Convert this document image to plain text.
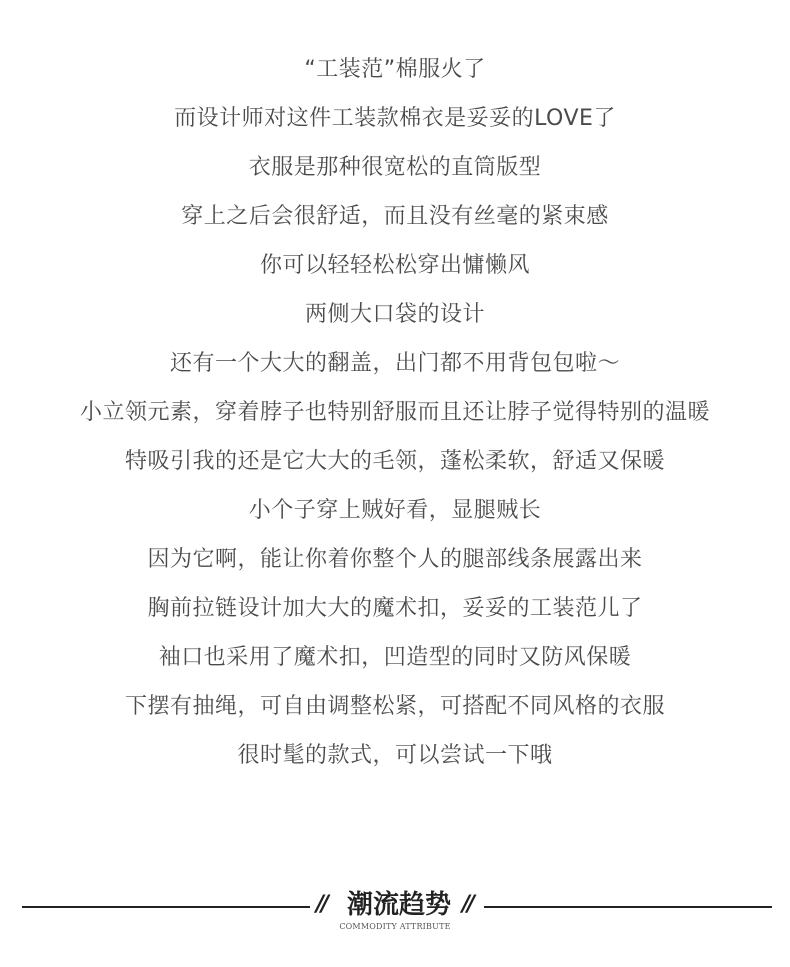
“工装范”棉服火了
而设计师对这件工装款棉衣是妥妥的LOVE了
衣服是那种很宽松的直筒版型
穿上之后会很舒适，而且没有丝毫的紧束感
你可以轻轻松松穿出慵懒风
两侧大口袋的设计
还有一个大大的翻盖，出门都不用背包包啦～
小立领元素，穿着脖子也特别舒服而且还让脖子觉得特别的温暖
特吸引我的还是它大大的毛领，蓬松柔软，舒适又保暖
小个子穿上贼好看，显腿贼长
因为它啊，能让你着你整个人的腿部线条展露出来
胸前拉链设计加大大的魔术扣，妥妥的工装范儿了
袖口也采用了魔术扣，凹造型的同时又防风保暖
下摆有抽绳，可自由调整松紧，可搭配不同风格的衣服
很时髦的款式，可以尝试一下哦
// 潮流趋势 //
COMMODITY ATTRIBUTE
